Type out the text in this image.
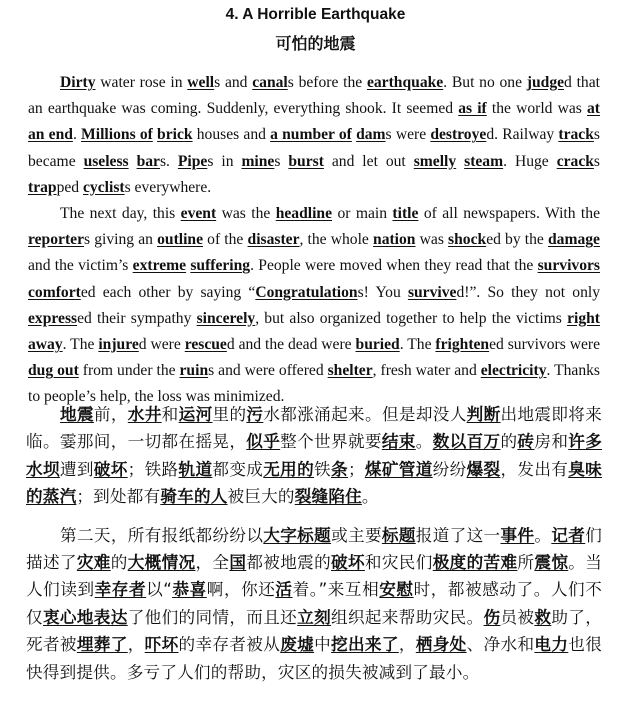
4. A Horrible Earthquake
可怕的地震

Dirty water rose in wells and canals before the earthquake. But no one judged that an earthquake was coming. Suddenly, everything shook. It seemed as if the world was at an end. Millions of brick houses and a number of dams were destroyed. Railway tracks became useless bars. Pipes in mines burst and let out smelly steam. Huge cracks trapped cyclists everywhere.

The next day, this event was the headline or main title of all newspapers. With the reporters giving an outline of the disaster, the whole nation was shocked by the damage and the victim’s extreme suffering. People were moved when they read that the survivors comforted each other by saying “Congratulations! You survived!”. So they not only expressed their sympathy sincerely, but also organized together to help the victims right away. The injured were rescued and the dead were buried. The frightened survivors were dug out from under the ruins and were offered shelter, fresh water and electricity. Thanks to people’s help, the loss was minimized.

地震前，水井和运河里的污水都涨涌起来。但是却没人判断出地震即将来临。霎那间，一切都在摇晃，似乎整个世界就要结束。数以百万的砖房和许多水坝遭到破坏；铁路轨道都变成无用的铁条；煤矿管道纷纷爆裂，发出有臭味的蒸汽；到处都有骑车的人被巨大的裂缝陷住。

第二天，所有报纸都纷纷以大字标题或主要标题报道了这一事件。记者们描述了灾难的大概情况，全国都被地震的破坏和灾民们极度的苦难所震惊。当人们读到幸存者以“恭喜啊，你还活着。”来互相安慰时，都被感动了。人们不仅衷心地表达了他们的同情，而且还立刻组织起来帮助灾民。伤员被救助了，死者被埋葬了，吓坏的幸存者被从废墟中挖出来了，栖身处、净水和电力也很快得到提供。多亏了人们的帮助，灾区的损失被减到了最小。
